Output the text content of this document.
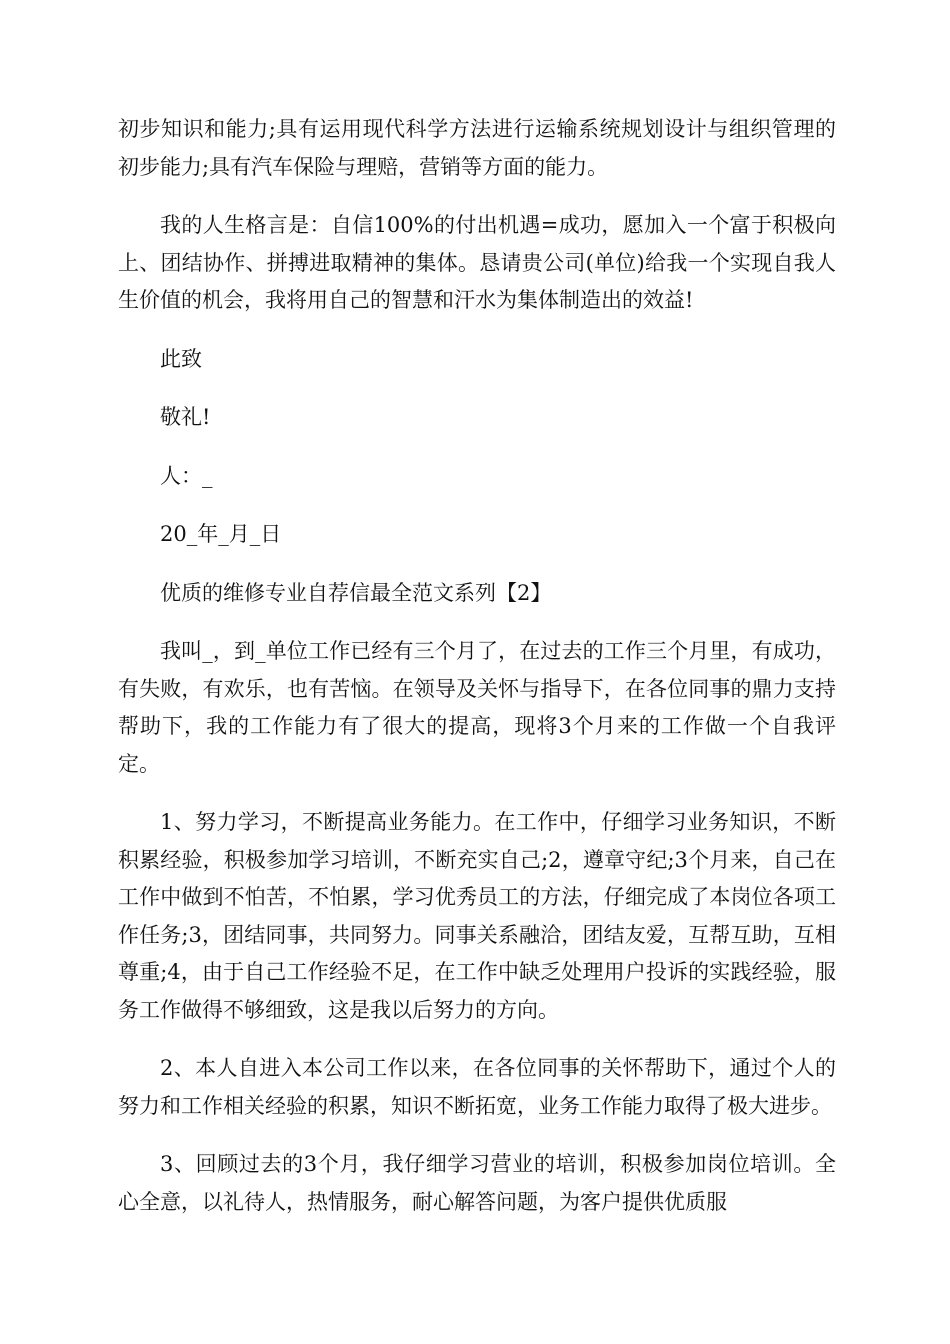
初步知识和能力;具有运用现代科学方法进行运输系统规划设计与组织管理的初步能力;具有汽车保险与理赔，营销等方面的能力。

我的人生格言是：自信100%的付出机遇=成功，愿加入一个富于积极向上、团结协作、拼搏进取精神的集体。恳请贵公司(单位)给我一个实现自我人生价值的机会，我将用自己的智慧和汗水为集体制造出的效益!

此致

敬礼!

人：_

20_年_月_日

优质的维修专业自荐信最全范文系列【2】

我叫_，到_单位工作已经有三个月了，在过去的工作三个月里，有成功，有失败，有欢乐，也有苦恼。在领导及关怀与指导下，在各位同事的鼎力支持帮助下，我的工作能力有了很大的提高，现将3个月来的工作做一个自我评定。

1、努力学习，不断提高业务能力。在工作中，仔细学习业务知识，不断积累经验，积极参加学习培训，不断充实自己;2，遵章守纪;3个月来，自己在工作中做到不怕苦，不怕累，学习优秀员工的方法，仔细完成了本岗位各项工作任务;3，团结同事，共同努力。同事关系融洽，团结友爱，互帮互助，互相尊重;4，由于自己工作经验不足，在工作中缺乏处理用户投诉的实践经验，服务工作做得不够细致，这是我以后努力的方向。

2、本人自进入本公司工作以来，在各位同事的关怀帮助下，通过个人的努力和工作相关经验的积累，知识不断拓宽，业务工作能力取得了极大进步。

3、回顾过去的3个月，我仔细学习营业的培训，积极参加岗位培训。全心全意，以礼待人，热情服务，耐心解答问题，为客户提供优质服
